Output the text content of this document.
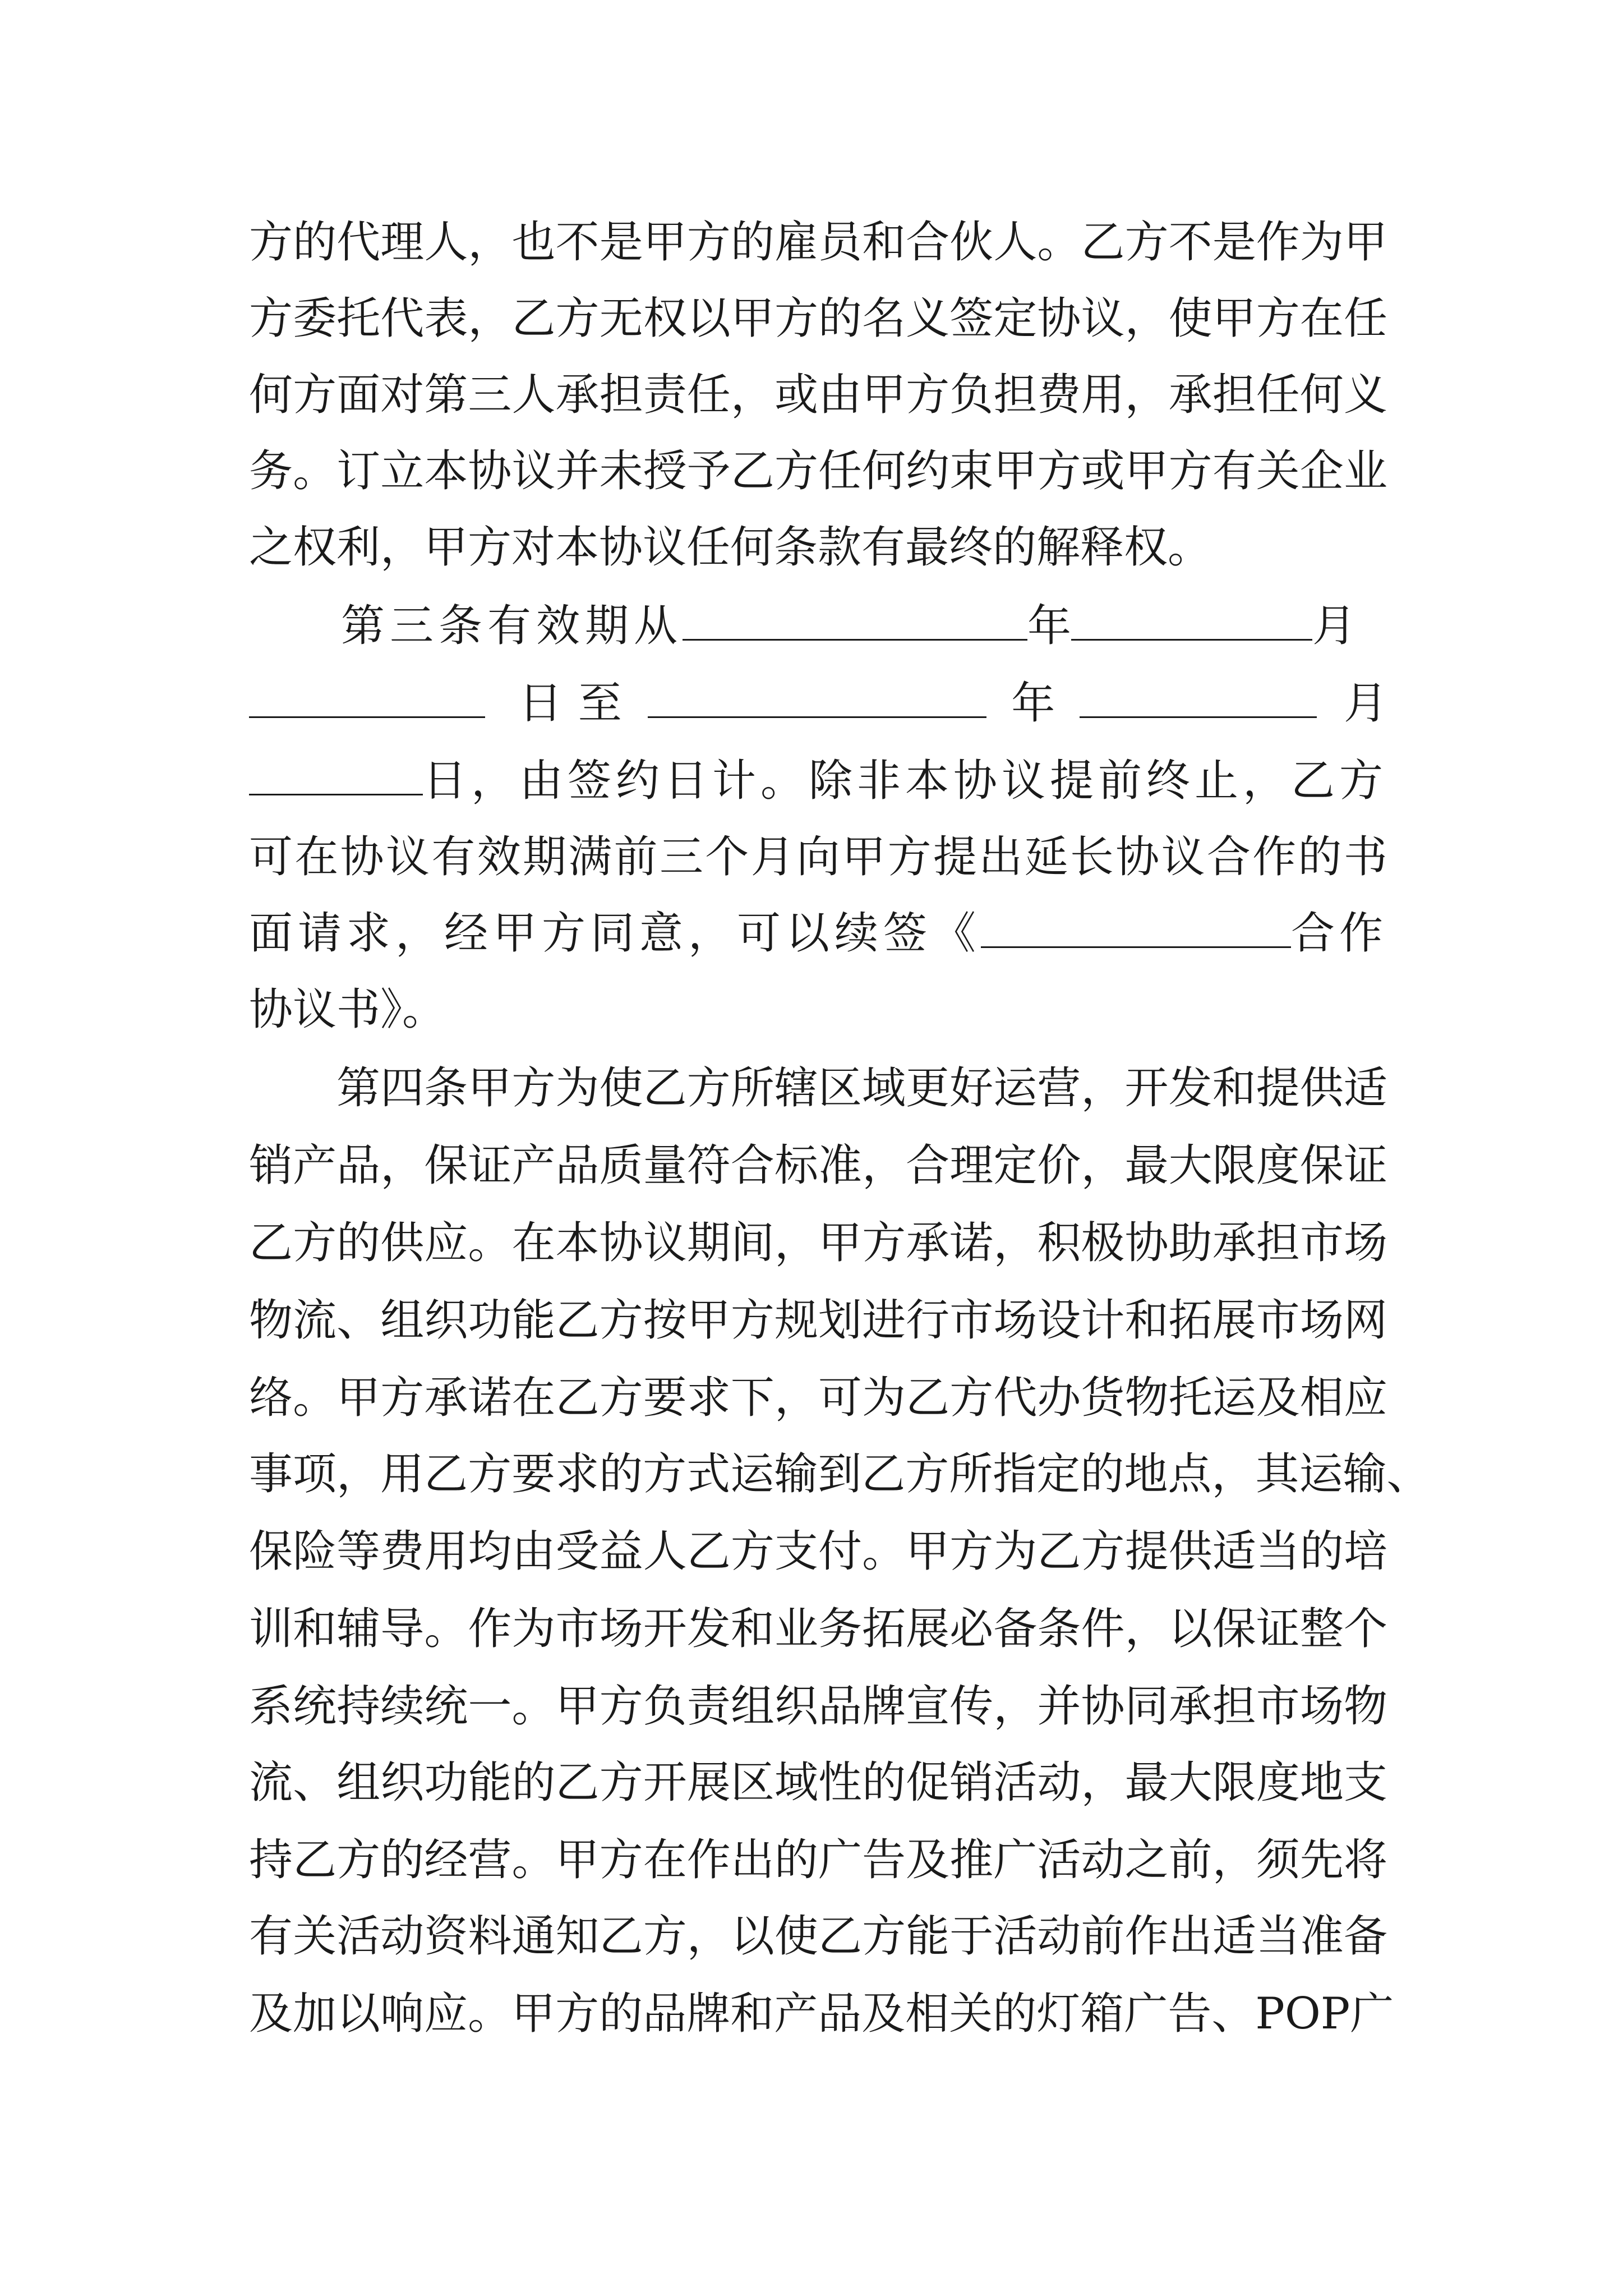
方 的 代 理 人 ， 也 不 是 甲 方 的 雇 员 和 合 伙 人 。 乙 方 不 是 作 为 甲
方 委 托 代 表 ， 乙 方 无 权 以 甲 方 的 名 义 签 定 协 议 ， 使 甲 方 在 任
何 方 面 对 第 三 人 承 担 责 任 ， 或 由 甲 方 负 担 费 用 ， 承 担 任 何 义
务 。 订 立 本 协 议 并 未 授 予 乙 方 任 何 约 束 甲 方 或 甲 方 有 关 企 业
之权利，甲方对本协议任何条款有最终的解释权。
第三条有效期从	年	月
日至	年	月
日，由签约日计。除非本协议提前终止，乙方
可 在 协 议 有 效 期 满 前 三 个 月 向 甲 方 提 出 延 长 协 议 合 作 的 书
面请求，经甲方同意，可以续签《	合作
协议书》。
第 四 条 甲 方 为 使 乙 方 所 辖 区 域 更 好 运 营 ， 开 发 和 提 供 适
销 产 品 ， 保 证 产 品 质 量 符 合 标 准 ， 合 理 定 价 ， 最 大 限 度 保 证
乙 方 的 供 应 。 在 本 协 议 期 间 ， 甲 方 承 诺 ， 积 极 协 助 承 担 市 场
物 流 、 组 织 功 能 乙 方 按 甲 方 规 划 进 行 市 场 设 计 和 拓 展 市 场 网
络 。 甲 方 承 诺 在 乙 方 要 求 下 ， 可 为 乙 方 代 办 货 物 托 运 及 相 应
事 项 ， 用 乙 方 要 求 的 方 式 运 输 到 乙 方 所 指 定 的 地 点 ， 其 运 输 、
保 险 等 费 用 均 由 受 益 人 乙 方 支 付 。 甲 方 为 乙 方 提 供 适 当 的 培
训 和 辅 导 。 作 为 市 场 开 发 和 业 务 拓 展 必 备 条 件 ， 以 保 证 整 个
系 统 持 续 统 一 。 甲 方 负 责 组 织 品 牌 宣 传 ， 并 协 同 承 担 市 场 物
流 、 组 织 功 能 的 乙 方 开 展 区 域 性 的 促 销 活 动 ， 最 大 限 度 地 支
持 乙 方 的 经 营 。 甲 方 在 作 出 的 广 告 及 推 广 活 动 之 前 ， 须 先 将
有 关 活 动 资 料 通 知 乙 方 ， 以 使 乙 方 能 于 活 动 前 作 出 适 当 准 备
及 加 以 响 应 。 甲 方 的 品 牌 和 产 品 及 相 关 的 灯 箱 广 告 、 POP 广
